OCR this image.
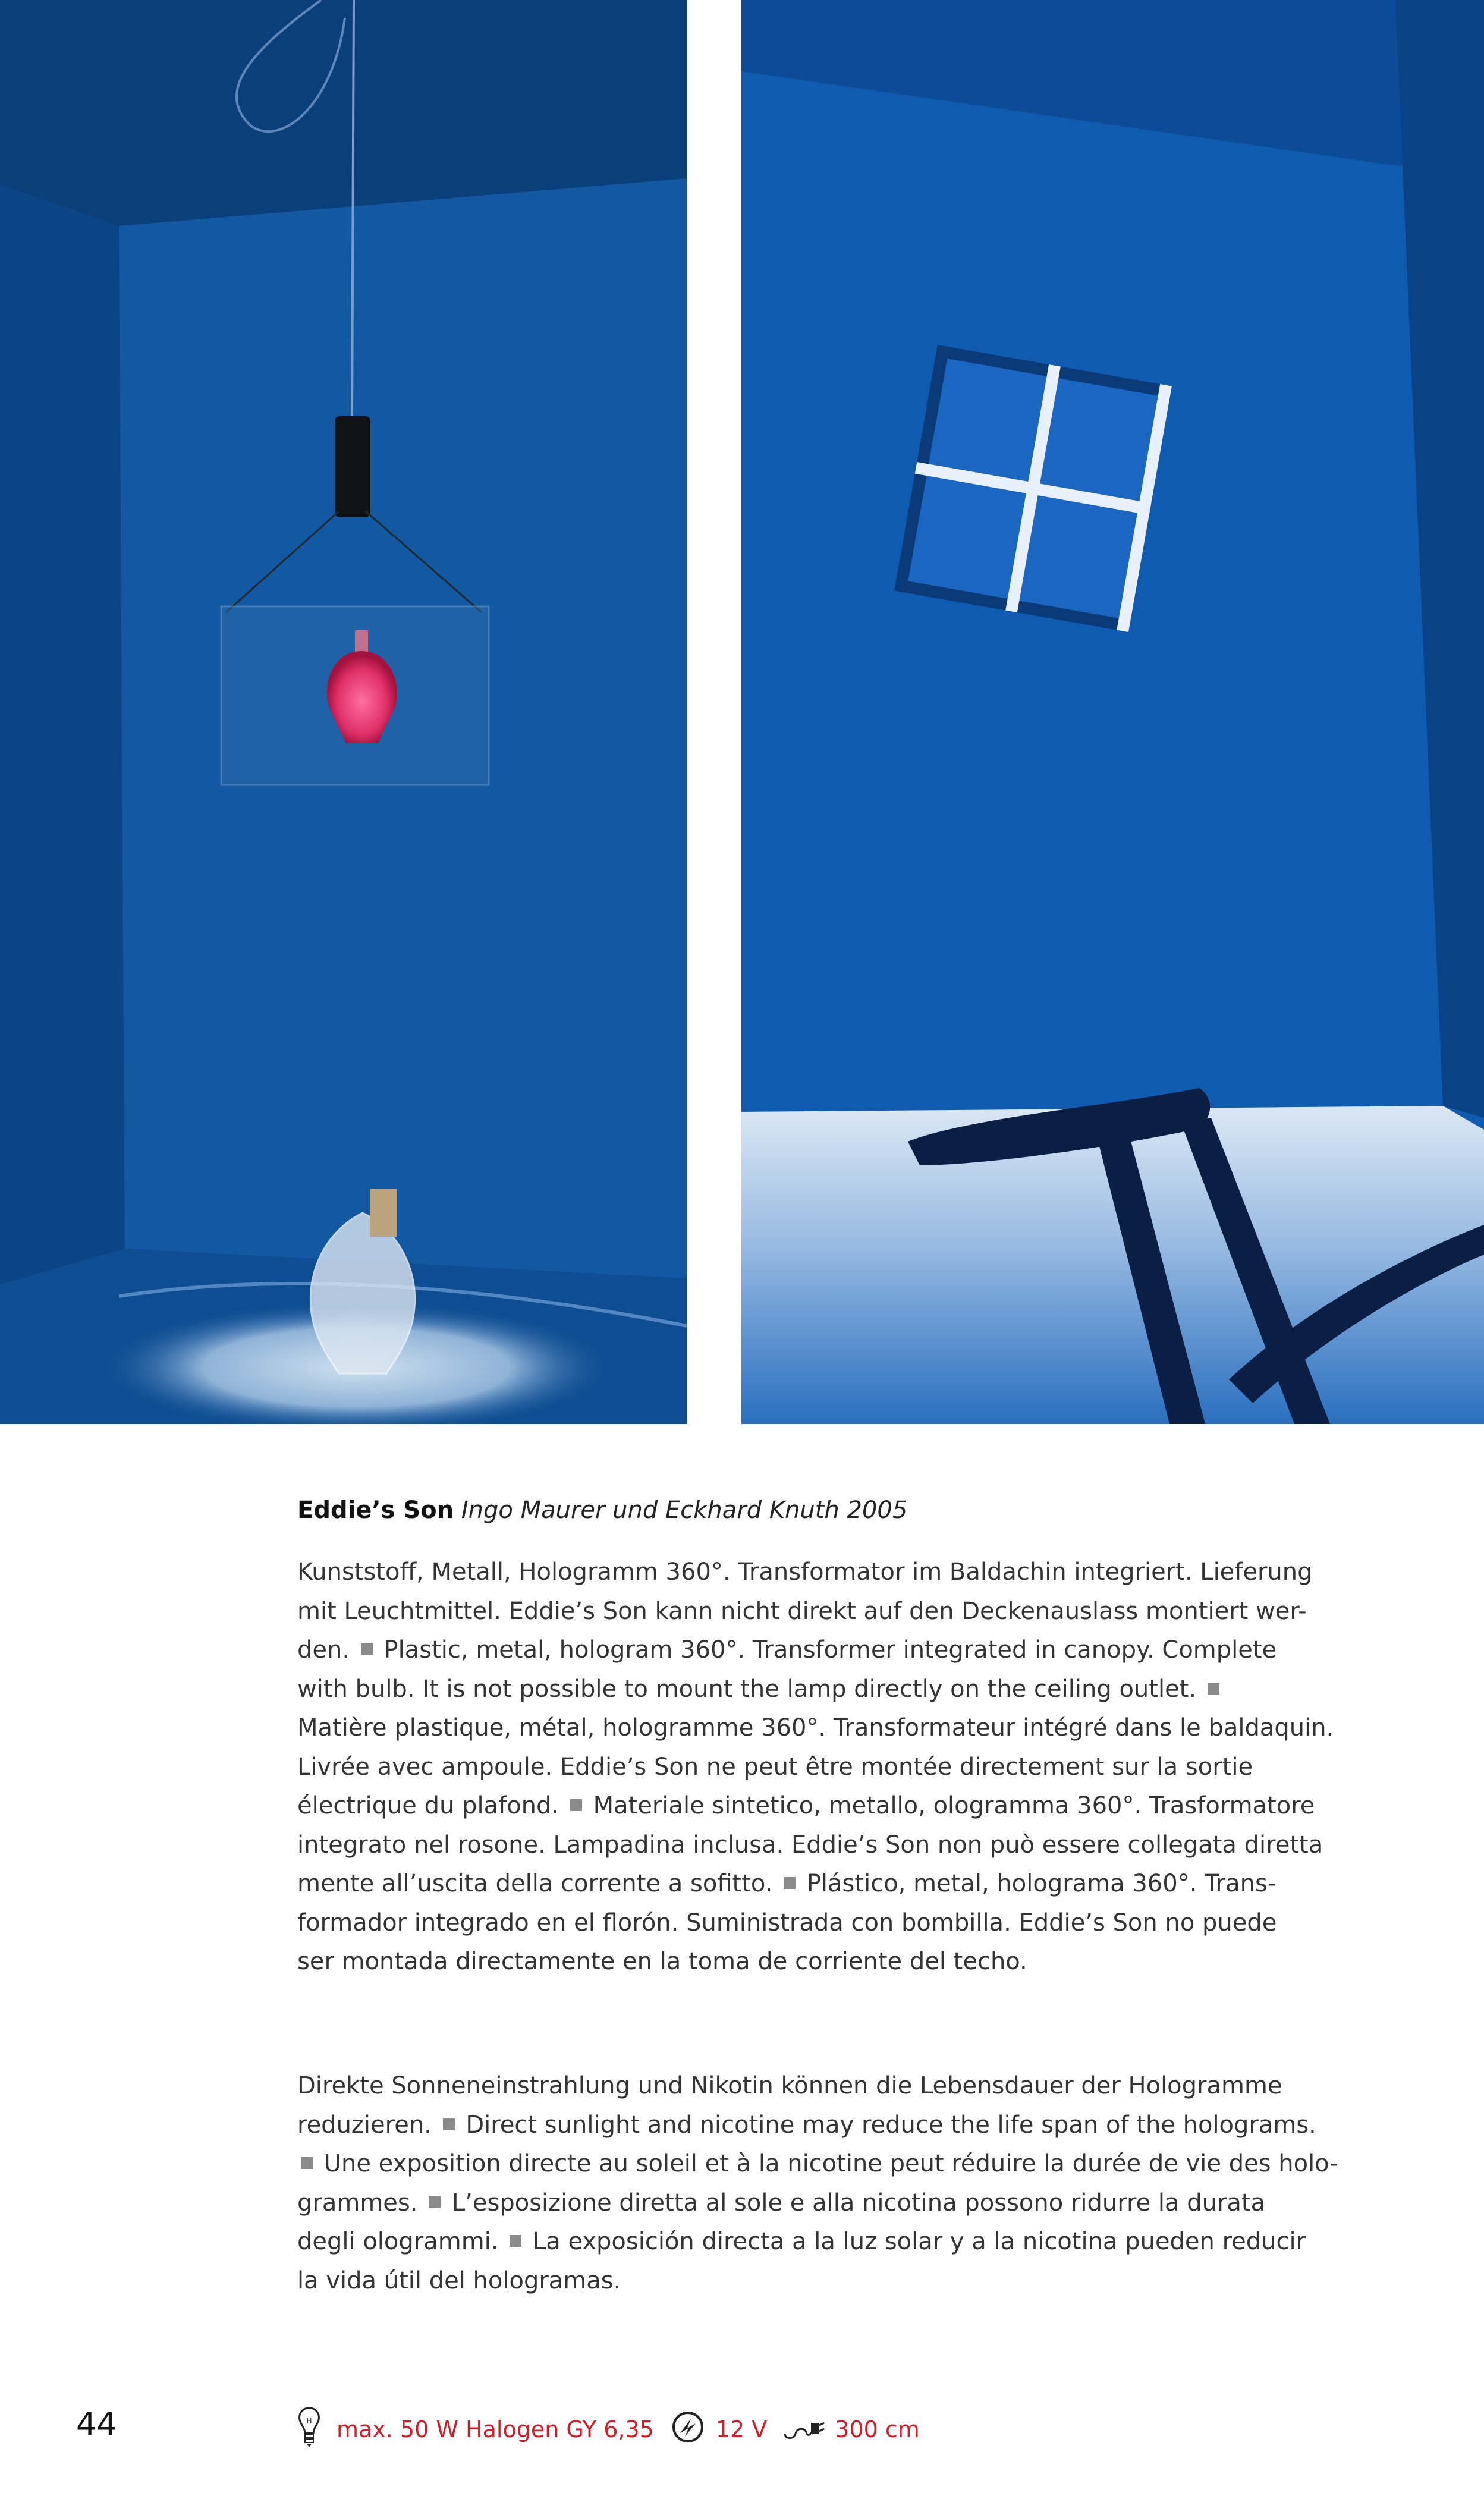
Eddie’s Son Ingo Maurer und Eckhard Knuth 2005
Kunststoff, Metall, Hologramm 360°. Transformator im Baldachin integriert. Lieferung
mit Leuchtmittel. Eddie’s Son kann nicht direkt auf den Deckenauslass montiert wer-
den. Plastic, metal, hologram 360°. Transformer integrated in canopy. Complete
with bulb. It is not possible to mount the lamp directly on the ceiling outlet.
Matière plastique, métal, hologramme 360°. Transformateur intégré dans le baldaquin.
Livrée avec ampoule. Eddie’s Son ne peut être montée directement sur la sortie
électrique du plafond. Materiale sintetico, metallo, ologramma 360°. Trasformatore
integrato nel rosone. Lampadina inclusa. Eddie’s Son non può essere collegata diretta
mente all’uscita della corrente a sofitto. Plástico, metal, holograma 360°. Trans-
formador integrado en el florón. Suministrada con bombilla. Eddie’s Son no puede
ser montada directamente en la toma de corriente del techo.
Direkte Sonneneinstrahlung und Nikotin können die Lebensdauer der Hologramme
reduzieren. Direct sunlight and nicotine may reduce the life span of the holograms.
Une exposition directe au soleil et à la nicotine peut réduire la durée de vie des holo-
grammes. L’esposizione diretta al sole e alla nicotina possono ridurre la durata
degli ologrammi. La exposición directa a la luz solar y a la nicotina pueden reducir
la vida útil del hologramas.
44	H max. 50 W Halogen GY 6,35	12 V	300 cm
